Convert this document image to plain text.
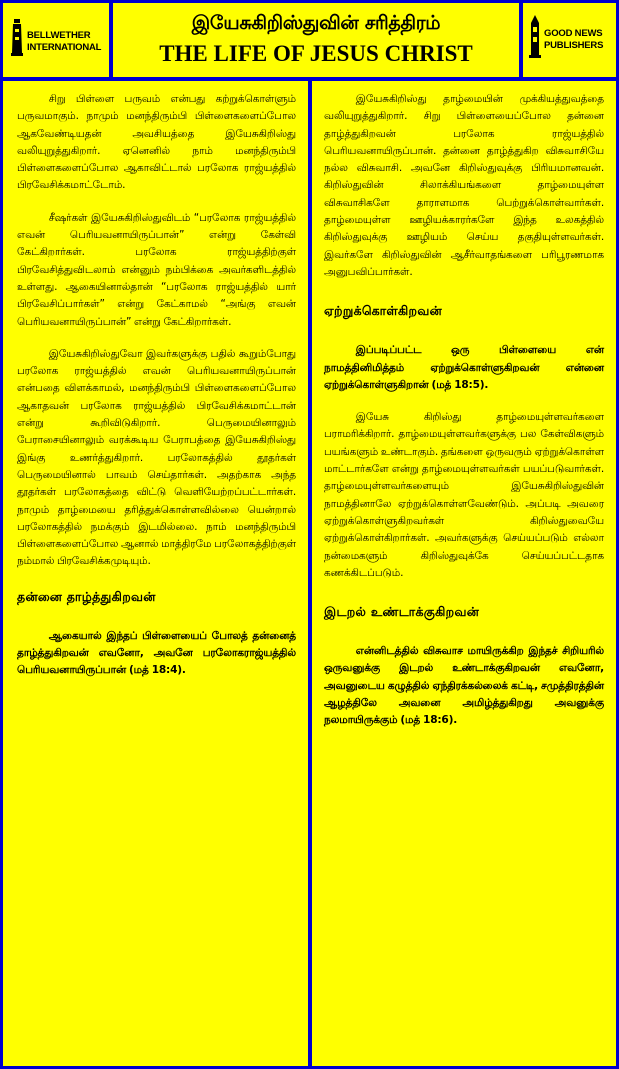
BELLWETHER
INTERNATIONAL
இயேசுகிறிஸ்துவின் சரித்திரம்
THE LIFE OF JESUS CHRIST
GOOD NEWS
PUBLISHERS

சிறு பிள்ளை பருவம் என்பது கற்றுக்கொள்ளும் பருவமாகும். நாமும் மனந்திரும்பி பிள்ளைகளைப்போல ஆகவேண்டியதன் அவசியத்தை இயேசுகிறிஸ்து வலியுறுத்துகிறார். ஏனெனில் நாம் மனந்திரும்பி பிள்ளைகளைப்போல ஆகாவிட்டால் பரலோக ராஜ்யத்தில் பிரவேசிக்கமாட்டோம்.

சீஷர்கள் இயேசுகிறிஸ்துவிடம் “பரலோக ராஜ்யத்தில் எவன் பெரியவனாயிருப்பான்” என்று கேள்வி கேட்கிறார்கள். பரலோக ராஜ்யத்திற்குள் பிரவேசித்துவிடலாம் என்னும் நம்பிக்கை அவர்களிடத்தில் உள்ளது. ஆகையினால்தான் “பரலோக ராஜ்யத்தில் யார் பிரவேசிப்பார்கள்” என்று கேட்காமல் “அங்கு எவன் பெரியவனாயிருப்பான்” என்று கேட்கிறார்கள்.

இயேசுகிறிஸ்துவோ இவர்களுக்கு பதில் கூறும்போது பரலோக ராஜ்யத்தில் எவன் பெரியவனாயிருப்பான் என்பதை விளக்காமல், மனந்திரும்பி பிள்ளைகளைப்போல ஆகாதவன் பரலோக ராஜ்யத்தில் பிரவேசிக்கமாட்டான் என்று கூறிவிடுகிறார். பெருமையினாலும் பேராசையினாலும் வரக்கூடிய பேராபத்தை இயேசுகிறிஸ்து இங்கு உணர்த்துகிறார். பரலோகத்தில் தூதர்கள் பெருமையினால் பாவம் செய்தார்கள். அதற்காக அந்த தூதர்கள் பரலோகத்தை விட்டு வெளியேற்றப்பட்டார்கள். நாமும் தாழ்மையை தரித்துக்கொள்ளவில்லை யென்றால் பரலோகத்தில் நமக்கும் இடமில்லை. நாம் மனந்திரும்பி பிள்ளைகளைப்போல ஆனால் மாத்திரமே பரலோகத்திற்குள் நம்மால் பிரவேசிக்கமுடியும்.

தன்னை தாழ்த்துகிறவன்

ஆகையால் இந்தப் பிள்ளையைப் போலத் தன்னைத் தாழ்த்துகிறவன் எவனோ, அவனே பரலோகராஜ்யத்தில் பெரியவனாயிருப்பான் (மத் 18:4).

இயேசுகிறிஸ்து தாழ்மையின் முக்கியத்துவத்தை வலியுறுத்துகிறார். சிறு பிள்ளையைப்போல தன்னை தாழ்த்துகிறவன் பரலோக ராஜ்யத்தில் பெரியவனாயிருப்பான். தன்னை தாழ்த்துகிற விசுவாசியே நல்ல விசுவாசி. அவனே கிறிஸ்துவுக்கு பிரியமானவன். கிறிஸ்துவின் சிலாக்கியங்களை தாழ்மையுள்ள விசுவாசிகளே தாராளமாக பெற்றுக்கொள்வார்கள். தாழ்மையுள்ள ஊழியக்காரர்களே இந்த உலகத்தில் கிறிஸ்துவுக்கு ஊழியம் செய்ய தகுதியுள்ளவர்கள். இவர்களே கிறிஸ்துவின் ஆசீர்வாதங்களை பரிபூரணமாக அனுபவிப்பார்கள்.

ஏற்றுக்கொள்கிறவன்

இப்படிப்பட்ட ஒரு பிள்ளையை என் நாமத்தினிமித்தம் ஏற்றுக்கொள்ளுகிறவன் என்னை ஏற்றுக்கொள்ளுகிறான் (மத் 18:5).

இயேசு கிறிஸ்து தாழ்மையுள்ளவர்களை பராமரிக்கிறார். தாழ்மையுள்ளவர்களுக்கு பல கேள்விகளும் பயங்களும் உண்டாகும். தங்களை ஒருவரும் ஏற்றுக்கொள்ள மாட்டார்களே என்று தாழ்மையுள்ளவர்கள் பயப்படுவார்கள். தாழ்மையுள்ளவர்களையும் இயேசுகிறிஸ்துவின் நாமத்தினாலே ஏற்றுக்கொள்ளவேண்டும். அப்படி அவரை ஏற்றுக்கொள்ளுகிறவர்கள் கிறிஸ்துவையே ஏற்றுக்கொள்கிறார்கள். அவர்களுக்கு செய்யப்படும் எல்லா நன்மைகளும் கிறிஸ்துவுக்கே செய்யப்பட்டதாக கணக்கிடப்படும்.

இடறல் உண்டாக்குகிறவன்

என்னிடத்தில் விசுவாச மாயிருக்கிற இந்தச் சிறியரில் ஒருவனுக்கு இடறல் உண்டாக்குகிறவன் எவனோ, அவனுடைய கழுத்தில் ஏந்திரக்கல்லைக் கட்டி, சமுத்திரத்தின் ஆழத்திலே அவனை அமிழ்த்துகிறது அவனுக்கு நலமாயிருக்கும் (மத் 18:6).
